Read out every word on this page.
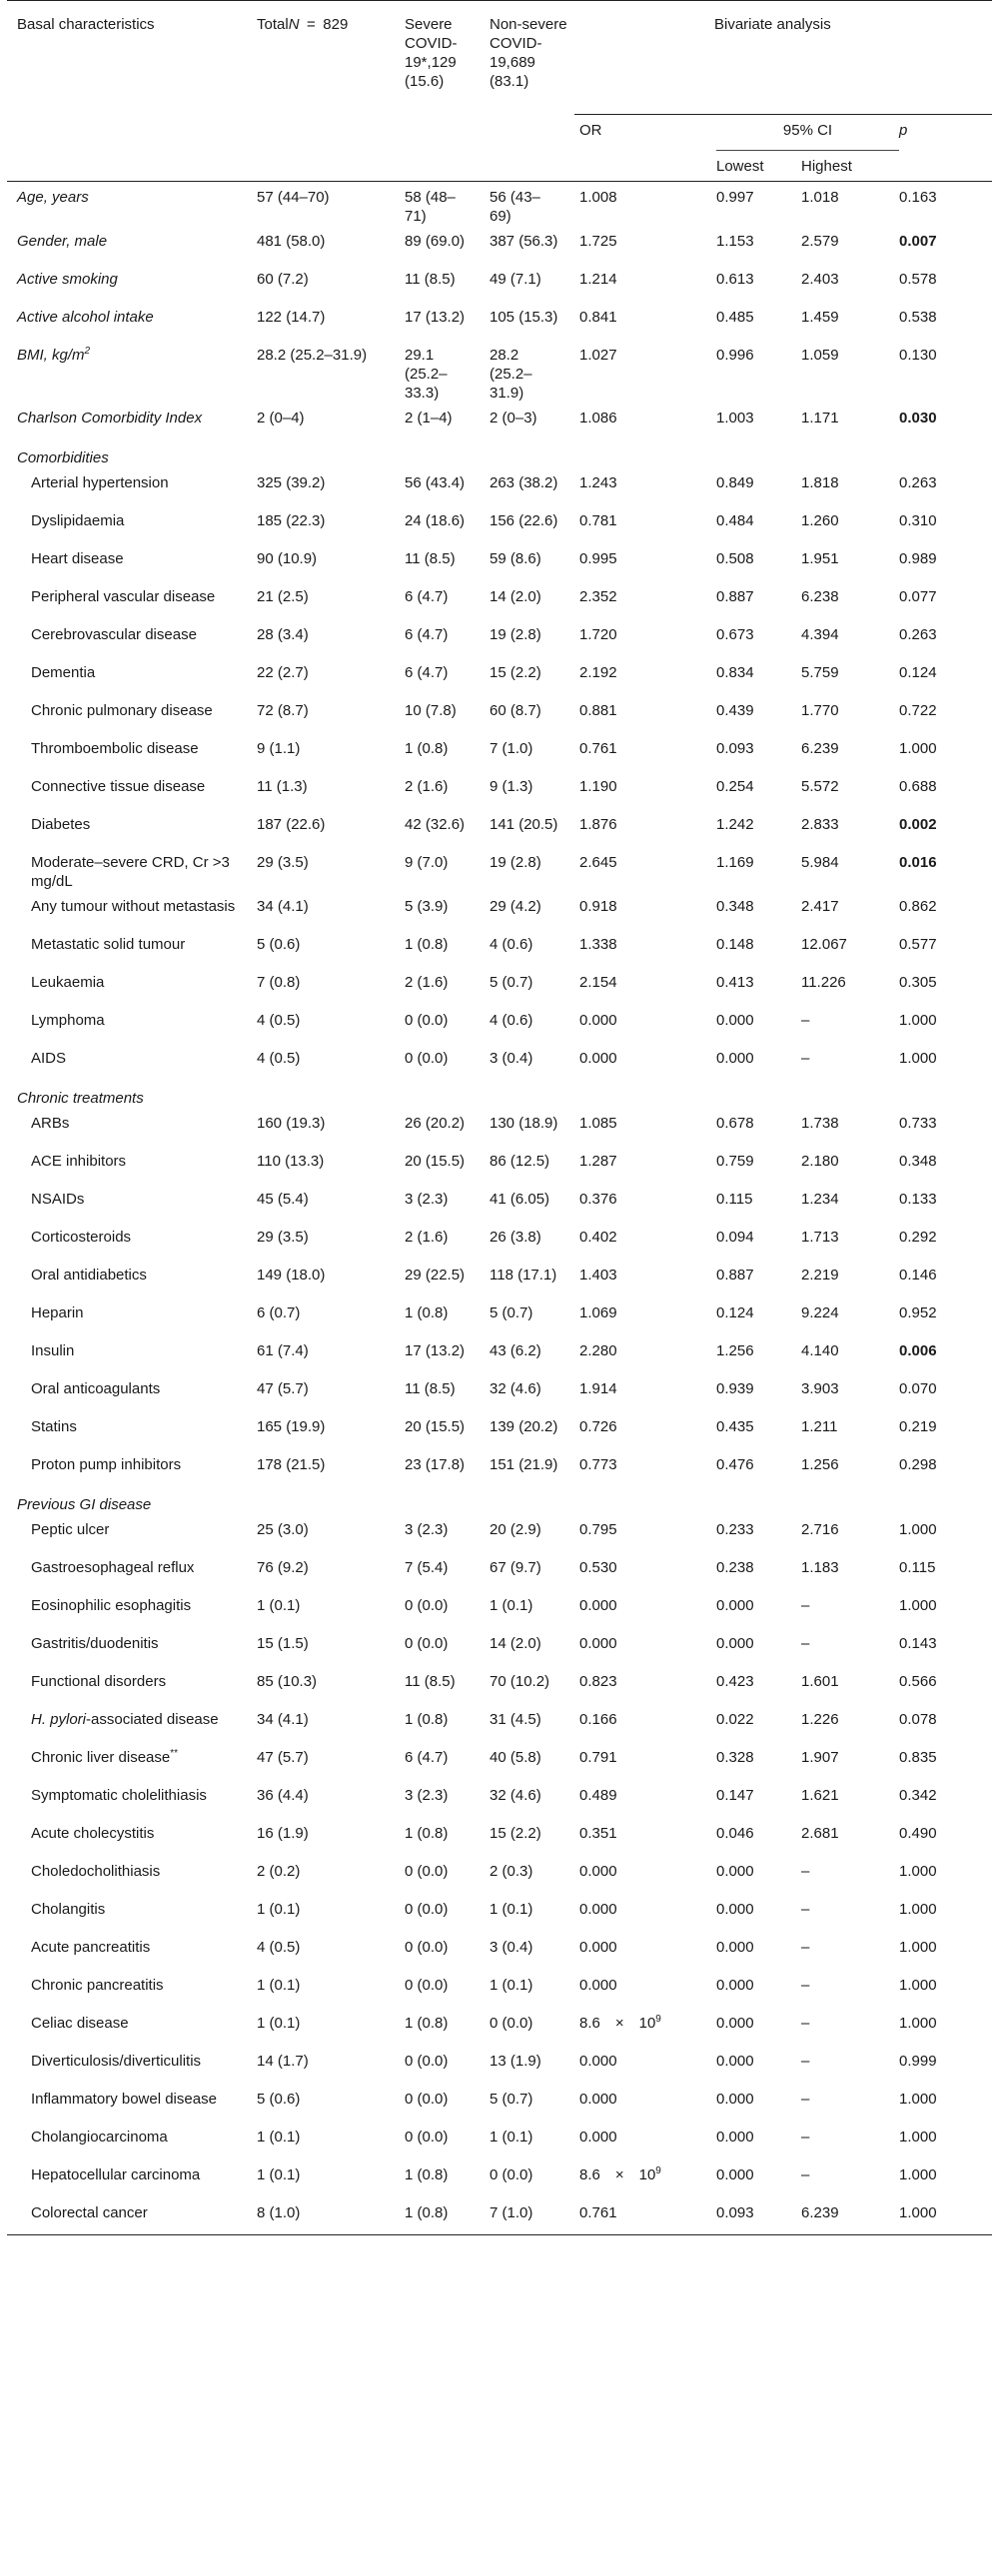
Basal characteristics	TotalN = 829	Severe COVID-19*,129 (15.6)	Non-severe COVID-19,689 (83.1)	Bivariate analysis			
				OR	95% CI		p
					Lowest	Highest	

Age, years	57 (44–70)	58 (48–71)	56 (43–69)	1.008	0.997	1.018	0.163
Gender, male	481 (58.0)	89 (69.0)	387 (56.3)	1.725	1.153	2.579	0.007
Active smoking	60 (7.2)	11 (8.5)	49 (7.1)	1.214	0.613	2.403	0.578
Active alcohol intake	122 (14.7)	17 (13.2)	105 (15.3)	0.841	0.485	1.459	0.538
BMI, $kg/m^2$	28.2 (25.2–31.9)	29.1 (25.2–33.3)	28.2 (25.2–31.9)	1.027	0.996	1.059	0.130
Charlson Comorbidity Index	2 (0–4)	2 (1–4)	2 (0–3)	1.086	1.003	1.171	0.030
Comorbidities							
Arterial hypertension	325 (39.2)	56 (43.4)	263 (38.2)	1.243	0.849	1.818	0.263
Dyslipidaemia	185 (22.3)	24 (18.6)	156 (22.6)	0.781	0.484	1.260	0.310
Heart disease	90 (10.9)	11 (8.5)	59 (8.6)	0.995	0.508	1.951	0.989
Peripheral vascular disease	21 (2.5)	6 (4.7)	14 (2.0)	2.352	0.887	6.238	0.077
Cerebrovascular disease	28 (3.4)	6 (4.7)	19 (2.8)	1.720	0.673	4.394	0.263
Dementia	22 (2.7)	6 (4.7)	15 (2.2)	2.192	0.834	5.759	0.124
Chronic pulmonary disease	72 (8.7)	10 (7.8)	60 (8.7)	0.881	0.439	1.770	0.722
Thromboembolic disease	9 (1.1)	1 (0.8)	7 (1.0)	0.761	0.093	6.239	1.000
Connective tissue disease	11 (1.3)	2 (1.6)	9 (1.3)	1.190	0.254	5.572	0.688
Diabetes	187 (22.6)	42 (32.6)	141 (20.5)	1.876	1.242	2.833	0.002
Moderate–severe CRD, Cr >3  mg/dL	29 (3.5)	9 (7.0)	19 (2.8)	2.645	1.169	5.984	0.016
Any tumour without metastasis	34 (4.1)	5 (3.9)	29 (4.2)	0.918	0.348	2.417	0.862
Metastatic solid tumour	5 (0.6)	1 (0.8)	4 (0.6)	1.338	0.148	12.067	0.577
Leukaemia	7 (0.8)	2 (1.6)	5 (0.7)	2.154	0.413	11.226	0.305
Lymphoma	4 (0.5)	0 (0.0)	4 (0.6)	0.000	0.000	–	1.000
AIDS	4 (0.5)	0 (0.0)	3 (0.4)	0.000	0.000	–	1.000
Chronic treatments							
ARBs	160 (19.3)	26 (20.2)	130 (18.9)	1.085	0.678	1.738	0.733
ACE inhibitors	110 (13.3)	20 (15.5)	86 (12.5)	1.287	0.759	2.180	0.348
NSAIDs	45 (5.4)	3 (2.3)	41 (6.05)	0.376	0.115	1.234	0.133
Corticosteroids	29 (3.5)	2 (1.6)	26 (3.8)	0.402	0.094	1.713	0.292
Oral antidiabetics	149 (18.0)	29 (22.5)	118 (17.1)	1.403	0.887	2.219	0.146
Heparin	6 (0.7)	1 (0.8)	5 (0.7)	1.069	0.124	9.224	0.952
Insulin	61 (7.4)	17 (13.2)	43 (6.2)	2.280	1.256	4.140	0.006
Oral anticoagulants	47 (5.7)	11 (8.5)	32 (4.6)	1.914	0.939	3.903	0.070
Statins	165 (19.9)	20 (15.5)	139 (20.2)	0.726	0.435	1.211	0.219
Proton pump inhibitors	178 (21.5)	23 (17.8)	151 (21.9)	0.773	0.476	1.256	0.298
Previous GI disease							
Peptic ulcer	25 (3.0)	3 (2.3)	20 (2.9)	0.795	0.233	2.716	1.000
Gastroesophageal reflux	76 (9.2)	7 (5.4)	67 (9.7)	0.530	0.238	1.183	0.115
Eosinophilic esophagitis	1 (0.1)	0 (0.0)	1 (0.1)	0.000	0.000	–	1.000
Gastritis/duodenitis	15 (1.5)	0 (0.0)	14 (2.0)	0.000	0.000	–	0.143
Functional disorders	85 (10.3)	11 (8.5)	70 (10.2)	0.823	0.423	1.601	0.566
H. pylori-associated disease	34 (4.1)	1 (0.8)	31 (4.5)	0.166	0.022	1.226	0.078
Chronic liver disease**	47 (5.7)	6 (4.7)	40 (5.8)	0.791	0.328	1.907	0.835
Symptomatic cholelithiasis	36 (4.4)	3 (2.3)	32 (4.6)	0.489	0.147	1.621	0.342
Acute cholecystitis	16 (1.9)	1 (0.8)	15 (2.2)	0.351	0.046	2.681	0.490
Choledocholithiasis	2 (0.2)	0 (0.0)	2 (0.3)	0.000	0.000	–	1.000
Cholangitis	1 (0.1)	0 (0.0)	1 (0.1)	0.000	0.000	–	1.000
Acute pancreatitis	4 (0.5)	0 (0.0)	3 (0.4)	0.000	0.000	–	1.000
Chronic pancreatitis	1 (0.1)	0 (0.0)	1 (0.1)	0.000	0.000	–	1.000
Celiac disease	1 (0.1)	1 (0.8)	0 (0.0)	8.6  ×  $10^9$	0.000	–	1.000
Diverticulosis/diverticulitis	14 (1.7)	0 (0.0)	13 (1.9)	0.000	0.000	–	0.999
Inflammatory bowel disease	5 (0.6)	0 (0.0)	5 (0.7)	0.000	0.000	–	1.000
Cholangiocarcinoma	1 (0.1)	0 (0.0)	1 (0.1)	0.000	0.000	–	1.000
Hepatocellular carcinoma	1 (0.1)	1 (0.8)	0 (0.0)	8.6  ×  $10^9$	0.000	–	1.000
Colorectal cancer	8 (1.0)	1 (0.8)	7 (1.0)	0.761	0.093	6.239	1.000
